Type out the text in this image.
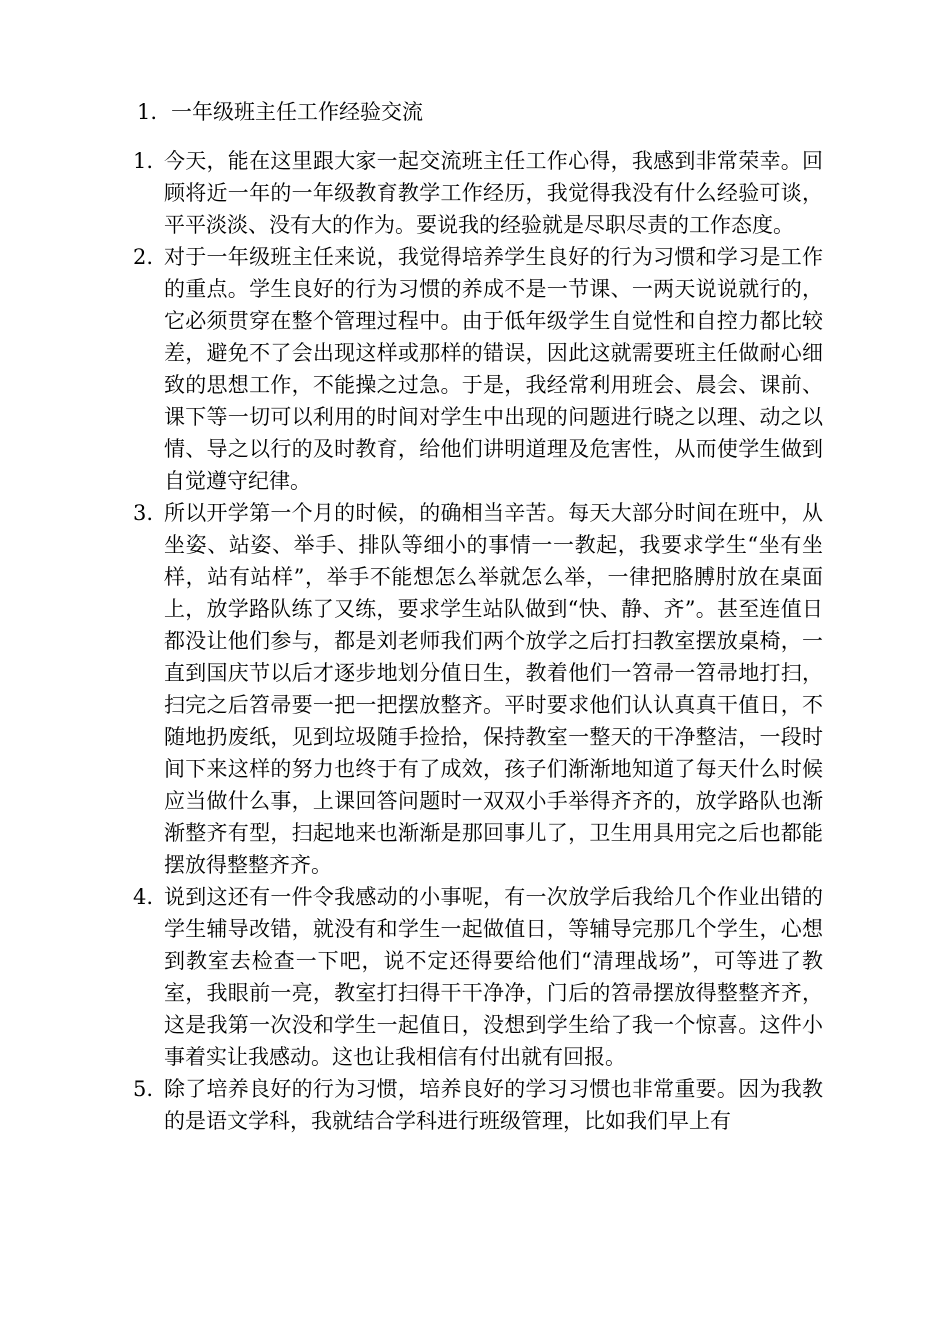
1. 一年级班主任工作经验交流
1. 今天，能在这里跟大家一起交流班主任工作心得，我感到非常荣幸。回顾将近一年的一年级教育教学工作经历，我觉得我没有什么经验可谈，平平淡淡、没有大的作为。要说我的经验就是尽职尽责的工作态度。
2. 对于一年级班主任来说，我觉得培养学生良好的行为习惯和学习是工作的重点。学生良好的行为习惯的养成不是一节课、一两天说说就行的，它必须贯穿在整个管理过程中。由于低年级学生自觉性和自控力都比较差，避免不了会出现这样或那样的错误，因此这就需要班主任做耐心细致的思想工作，不能操之过急。于是，我经常利用班会、晨会、课前、课下等一切可以利用的时间对学生中出现的问题进行晓之以理、动之以情、导之以行的及时教育，给他们讲明道理及危害性，从而使学生做到自觉遵守纪律。
3. 所以开学第一个月的时候，的确相当辛苦。每天大部分时间在班中，从坐姿、站姿、举手、排队等细小的事情一一教起，我要求学生“坐有坐样，站有站样”，举手不能想怎么举就怎么举，一律把胳膊肘放在桌面上，放学路队练了又练，要求学生站队做到“快、静、齐”。甚至连值日都没让他们参与，都是刘老师我们两个放学之后打扫教室摆放桌椅，一直到国庆节以后才逐步地划分值日生，教着他们一笤帚一笤帚地打扫，扫完之后笤帚要一把一把摆放整齐。平时要求他们认认真真干值日，不随地扔废纸，见到垃圾随手捡拾，保持教室一整天的干净整洁，一段时间下来这样的努力也终于有了成效，孩子们渐渐地知道了每天什么时候应当做什么事，上课回答问题时一双双小手举得齐齐的，放学路队也渐渐整齐有型，扫起地来也渐渐是那回事儿了，卫生用具用完之后也都能摆放得整整齐齐。
4. 说到这还有一件令我感动的小事呢，有一次放学后我给几个作业出错的学生辅导改错，就没有和学生一起做值日，等辅导完那几个学生，心想到教室去检查一下吧，说不定还得要给他们“清理战场”，可等进了教室，我眼前一亮，教室打扫得干干净净，门后的笤帚摆放得整整齐齐，这是我第一次没和学生一起值日，没想到学生给了我一个惊喜。这件小事着实让我感动。这也让我相信有付出就有回报。
5. 除了培养良好的行为习惯，培养良好的学习习惯也非常重要。因为我教的是语文学科，我就结合学科进行班级管理，比如我们早上有
